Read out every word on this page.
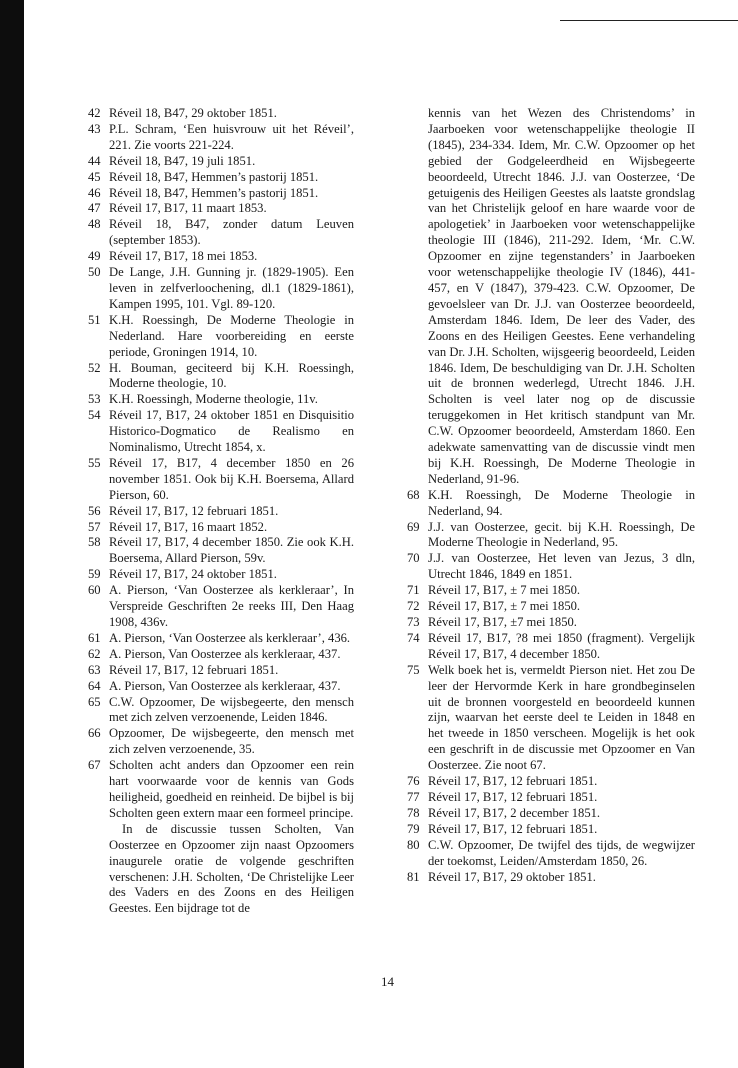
42 Réveil 18, B47, 29 oktober 1851.

43 P.L. Schram, ‘Een huisvrouw uit het Réveil’, 221. Zie voorts 221-224.

44 Réveil 18, B47, 19 juli 1851.

45 Réveil 18, B47, Hemmen’s pastorij 1851.

46 Réveil 18, B47, Hemmen’s pastorij 1851.

47 Réveil 17, B17, 11 maart 1853.

48 Réveil 18, B47, zonder datum Leuven (september 1853).

49 Réveil 17, B17, 18 mei 1853.

50 De Lange, J.H. Gunning jr. (1829-1905). Een leven in zelfverloochening, dl.1 (1829-1861), Kampen 1995, 101. Vgl. 89-120.

51 K.H. Roessingh, De Moderne Theologie in Nederland. Hare voorbereiding en eerste periode, Groningen 1914, 10.

52 H. Bouman, geciteerd bij K.H. Roessingh, Moderne theologie, 10.

53 K.H. Roessingh, Moderne theologie, 11v.

54 Réveil 17, B17, 24 oktober 1851 en Disquisitio Historico-Dogmatico de Realismo en Nominalismo, Utrecht 1854, x.

55 Réveil 17, B17, 4 december 1850 en 26 november 1851. Ook bij K.H. Boersema, Allard Pierson, 60.

56 Réveil 17, B17, 12 februari 1851.

57 Réveil 17, B17, 16 maart 1852.

58 Réveil 17, B17, 4 december 1850. Zie ook K.H. Boersema, Allard Pierson, 59v.

59 Réveil 17, B17, 24 oktober 1851.

60 A. Pierson, ‘Van Oosterzee als kerkleraar’, In Verspreide Geschriften 2e reeks III, Den Haag 1908, 436v.

61 A. Pierson, ‘Van Oosterzee als kerkleraar’, 436.

62 A. Pierson, Van Oosterzee als kerkleraar, 437.

63 Réveil 17, B17, 12 februari 1851.

64 A. Pierson, Van Oosterzee als kerkleraar, 437.

65 C.W. Opzoomer, De wijsbegeerte, den mensch met zich zelven verzoenende, Leiden 1846.

66 Opzoomer, De wijsbegeerte, den mensch met zich zelven verzoenende, 35.

67 Scholten acht anders dan Opzoomer een rein hart voorwaarde voor de kennis van Gods heiligheid, goedheid en reinheid. De bijbel is bij Scholten geen extern maar een formeel principe.

In de discussie tussen Scholten, Van Oosterzee en Opzoomer zijn naast Opzoomers inaugurele oratie de volgende geschriften verschenen: J.H. Scholten, ‘De Christelijke Leer des Vaders en des Zoons en des Heiligen Geestes. Een bijdrage tot de

kennis van het Wezen des Christendoms’ in Jaarboeken voor wetenschappelijke theologie II (1845), 234-334. Idem, Mr. C.W. Opzoomer op het gebied der Godgeleerdheid en Wijsbegeerte beoordeeld, Utrecht 1846. J.J. van Oosterzee, ‘De getuigenis des Heiligen Geestes als laatste grondslag van het Christelijk geloof en hare waarde voor de apologetiek’ in Jaarboeken voor wetenschappelijke theologie III (1846), 211-292. Idem, ‘Mr. C.W. Opzoomer en zijne tegenstanders’ in Jaarboeken voor wetenschappelijke theologie IV (1846), 441-457, en V (1847), 379-423. C.W. Opzoomer, De gevoelsleer van Dr. J.J. van Oosterzee beoordeeld, Amsterdam 1846. Idem, De leer des Vader, des Zoons en des Heiligen Geestes. Eene verhandeling van Dr. J.H. Scholten, wijsgeerig beoordeeld, Leiden 1846. Idem, De beschuldiging van Dr. J.H. Scholten uit de bronnen wederlegd, Utrecht 1846. J.H. Scholten is veel later nog op de discussie teruggekomen in Het kritisch standpunt van Mr. C.W. Opzoomer beoordeeld, Amsterdam 1860. Een adekwate samenvatting van de discussie vindt men bij K.H. Roessingh, De Moderne Theologie in Nederland, 91-96.

68 K.H. Roessingh, De Moderne Theologie in Nederland, 94.

69 J.J. van Oosterzee, gecit. bij K.H. Roessingh, De Moderne Theologie in Nederland, 95.

70 J.J. van Oosterzee, Het leven van Jezus, 3 dln, Utrecht 1846, 1849 en 1851.

71 Réveil 17, B17, ± 7 mei 1850.

72 Réveil 17, B17, ± 7 mei 1850.

73 Réveil 17, B17, ±7 mei 1850.

74 Réveil 17, B17, ?8 mei 1850 (fragment). Vergelijk Réveil 17, B17, 4 december 1850.

75 Welk boek het is, vermeldt Pierson niet. Het zou De leer der Hervormde Kerk in hare grondbeginselen uit de bronnen voorgesteld en beoordeeld kunnen zijn, waarvan het eerste deel te Leiden in 1848 en het tweede in 1850 verscheen. Mogelijk is het ook een geschrift in de discussie met Opzoomer en Van Oosterzee. Zie noot 67.

76 Réveil 17, B17, 12 februari 1851.

77 Réveil 17, B17, 12 februari 1851.

78 Réveil 17, B17, 2 december 1851.

79 Réveil 17, B17, 12 februari 1851.

80 C.W. Opzoomer, De twijfel des tijds, de wegwijzer der toekomst, Leiden/Amsterdam 1850, 26.

81 Réveil 17, B17, 29 oktober 1851.

14
